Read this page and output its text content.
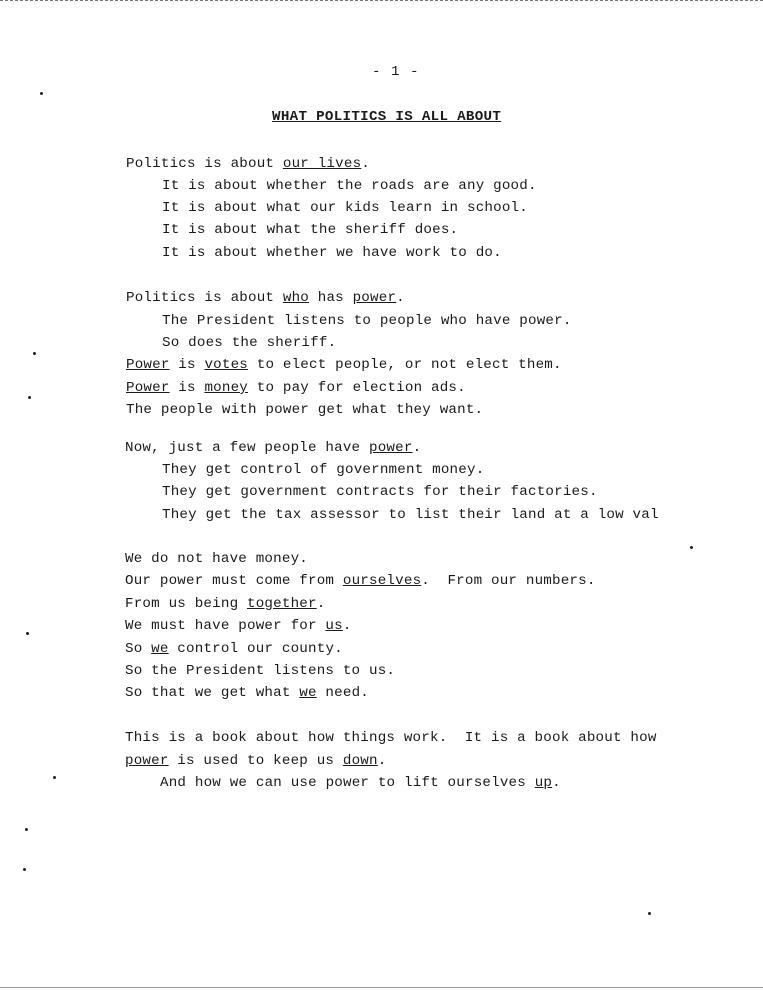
- 1 -
WHAT POLITICS IS ALL ABOUT
Politics is about our lives.
It is about whether the roads are any good.
It is about what our kids learn in school.
It is about what the sheriff does.
It is about whether we have work to do.
Politics is about who has power.
The President listens to people who have power.
So does the sheriff.
Power is votes to elect people, or not elect them.
Power is money to pay for election ads.
The people with power get what they want.
Now, just a few people have power.
They get control of government money.
They get government contracts for their factories.
They get the tax assessor to list their land at a low val
We do not have money.
Our power must come from ourselves.  From our numbers.
From us being together.
We must have power for us.
So we control our county.
So the President listens to us.
So that we get what we need.
This is a book about how things work.  It is a book about how
power is used to keep us down.
And how we can use power to lift ourselves up.
